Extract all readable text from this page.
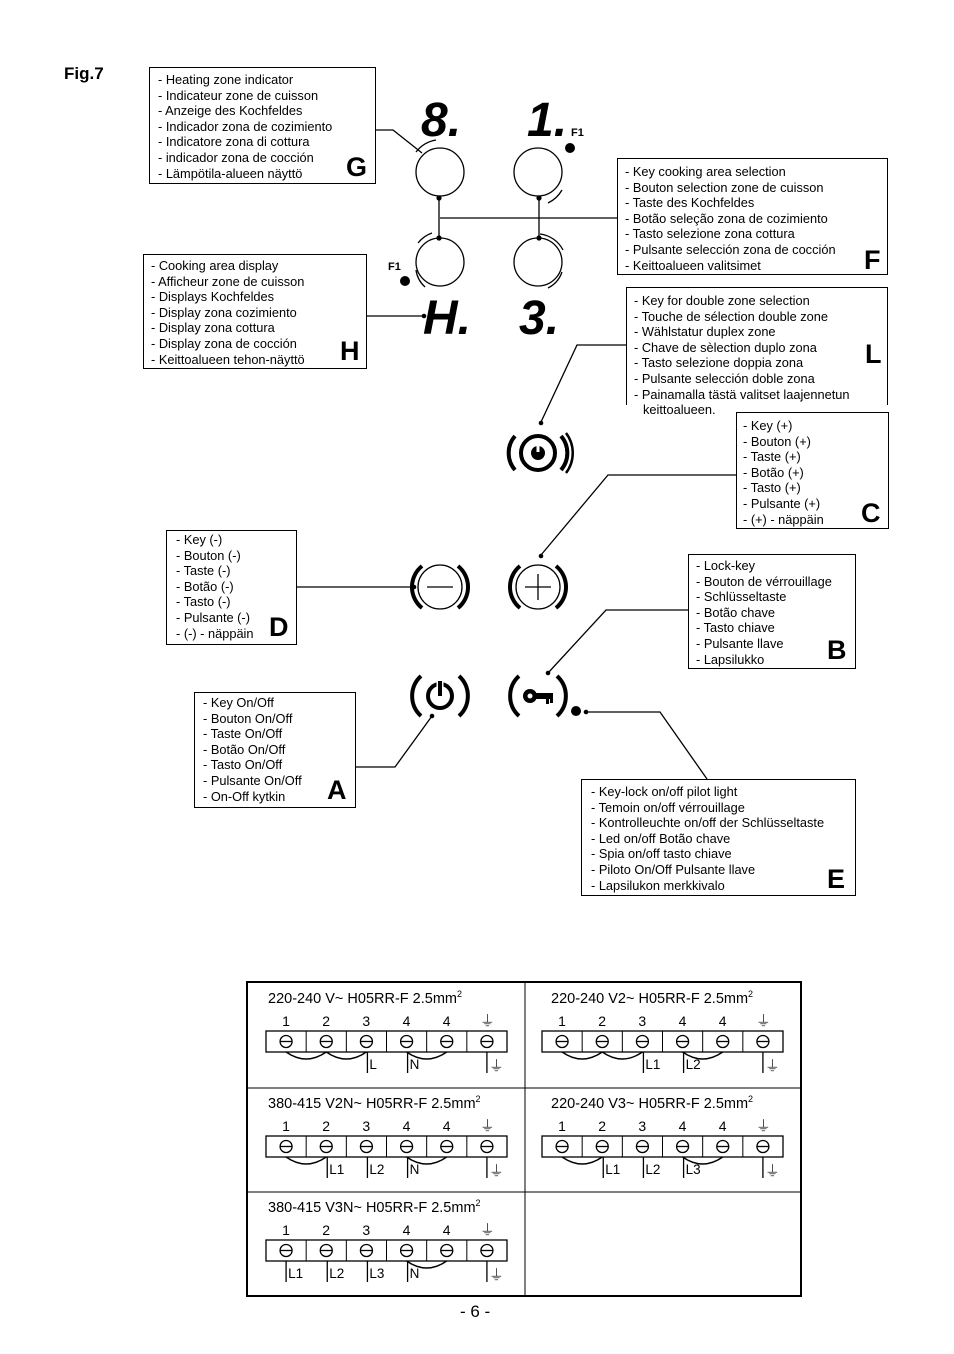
Fig.7
8. 1.
H. 3.
F1
F1
- Heating zone indicator
- Indicateur zone de cuisson
- Anzeige des Kochfeldes
- Indicador zona de cozimiento
- Indicatore zona di cottura
- indicador zona de cocción
- Lämpötila-alueen näyttö	G	- Key cooking area selection
- Bouton selection zone de cuisson
- Taste des Kochfeldes
- Botão seleção zona de cozimiento
- Tasto selezione zona cottura
- Pulsante selección zona de cocción
- Keittoalueen valitsimet	F
- Cooking area display
- Afficheur zone de cuisson
- Displays Kochfeldes
- Display zona cozimiento
- Display zona cottura
- Display zona de cocción
- Keittoalueen tehon-näyttö	H
- Key for double zone selection
- Touche de sélection double zone
- Wählstatur duplex zone
- Chave de sèlection duplo zona
- Tasto selezione doppia zona
- Pulsante selección doble zona
- Painamalla tästä valitset laajennetun
keittoalueen.
L
- Key (+)
- Bouton (+)
- Taste (+)
- Botão (+)
- Tasto (+)
- Pulsante (+)
- (+) - näppäin	C
- Key (-)
- Bouton (-)
- Taste (-)
- Botão (-)
- Tasto (-)
- Pulsante (-)
- (-) - näppäin D
- Lock-key
- Bouton de vérrouillage
- Schlüsseltaste
- Botão chave
- Tasto chiave
- Pulsante llave
- Lapsilukko	B
- Key On/Off
- Bouton On/Off
- Taste On/Off
- Botão On/Off
- Tasto On/Off
- Pulsante On/Off
- On-Off kytkin	A	- Key-lock on/off pilot light
- Temoin on/off vérrouillage
- Kontrolleuchte on/off der Schlüsseltaste
- Led on/off Botão chave
- Spia on/off tasto chiave
- Piloto On/Off Pulsante llave
- Lapsilukon merkkivalo	E
220-240 V~ H05RR-F $2.5mm^2$
1 2 3 4 4 ⏚
L N	⏚
220-240 V2~ H05RR-F $2.5mm^2$
1 2 3 4 4 ⏚
L1 L2	⏚
380-415 V2N~ H05RR-F $2.5mm^2$
1 2 3 4 4 ⏚
L1 L2 N	⏚
220-240 V3~ H05RR-F $2.5mm^2$
1 2 3 4 4 ⏚
L1 L2 L3	⏚
380-415 V3N~ H05RR-F $2.5mm^2$
1 2 3 4 4 ⏚
L1 L2 L3 N	⏚
- 6 -
